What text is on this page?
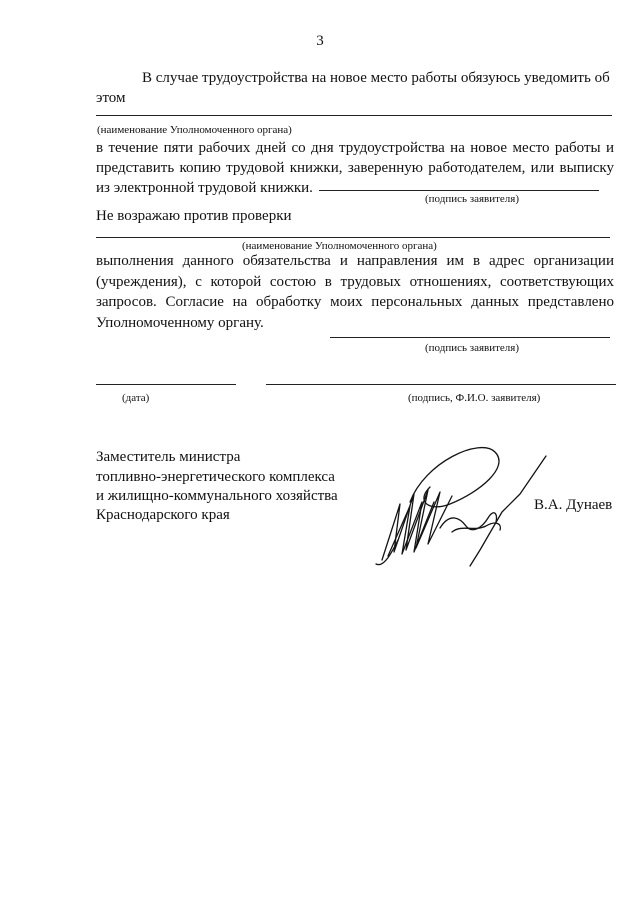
3
В случае трудоустройства на новое место работы обязуюсь уведомить об
этом
(наименование Уполномоченного органа)
в течение пяти рабочих дней со дня трудоустройства на новое место работы и
представить копию трудовой книжки, заверенную работодателем, или выписку
из электронной трудовой книжки.
(подпись заявителя)
Не возражаю против проверки
(наименование Уполномоченного органа)
выполнения данного обязательства и направления им в адрес организации
(учреждения), с которой состою в трудовых отношениях, соответствующих
запросов. Согласие на обработку моих персональных данных представлено
Уполномоченному органу.
(подпись заявителя)
(дата)	(подпись, Ф.И.О. заявителя)
Заместитель министра
топливно-энергетического комплекса
и жилищно-коммунального хозяйства
Краснодарского края
В.А. Дунаев
